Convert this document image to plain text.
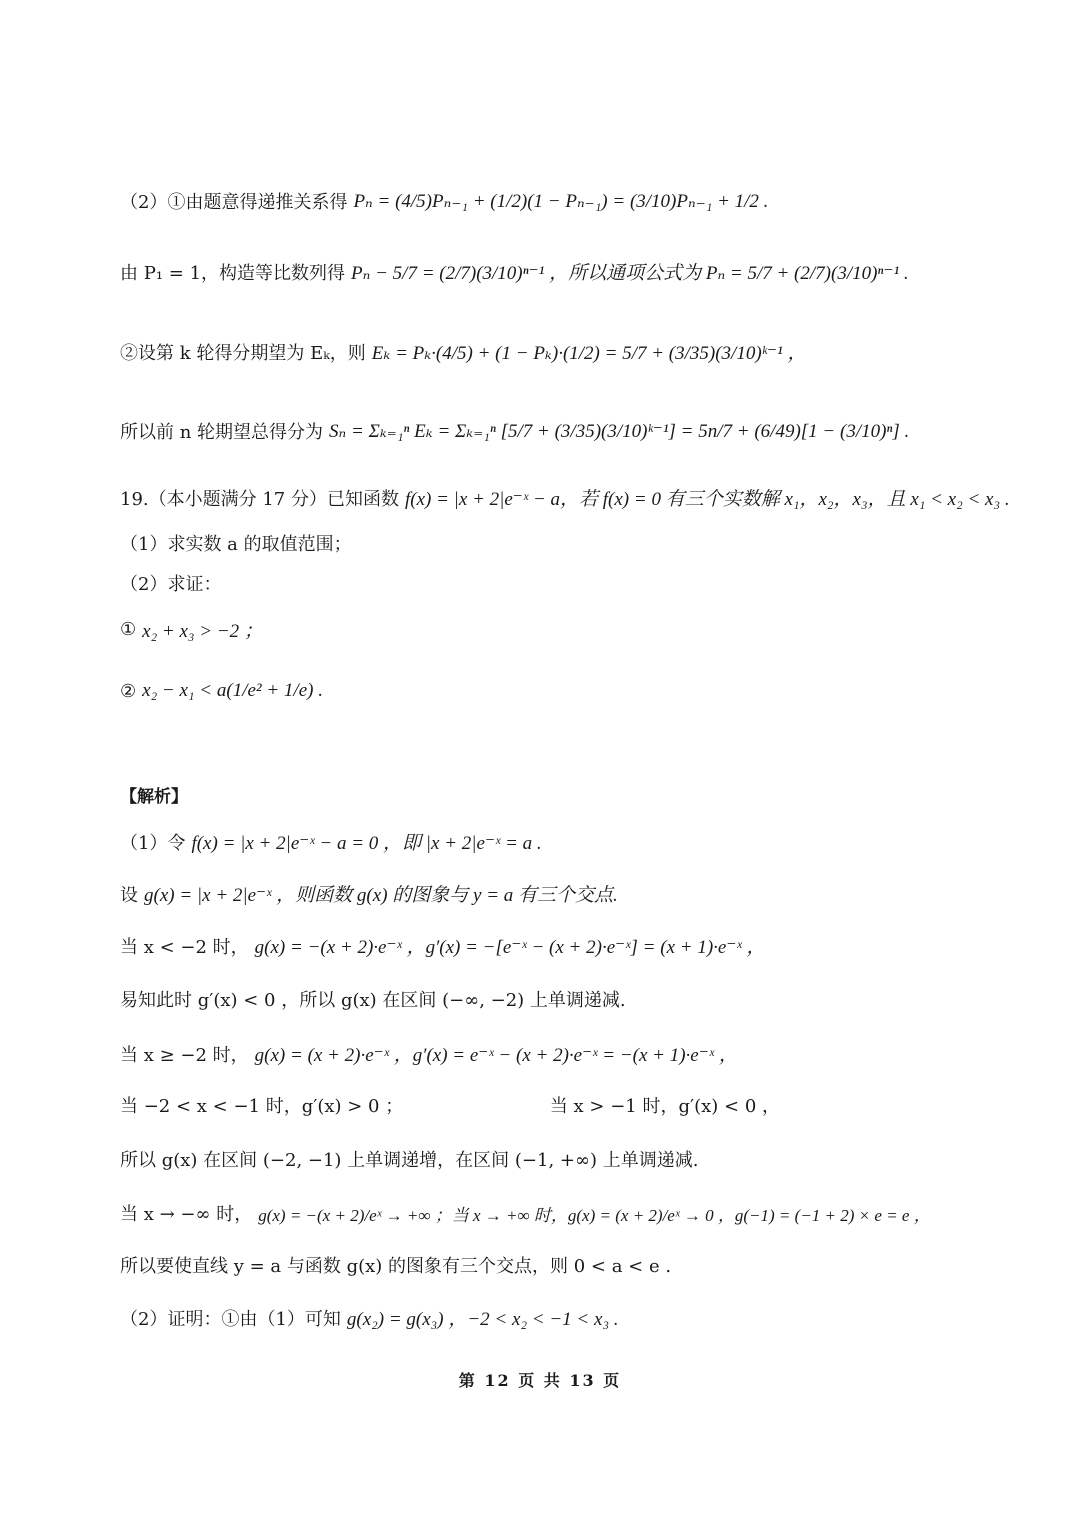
（2）①由题意得递推关系得 Pₙ = (4/5)Pₙ₋₁ + (1/2)(1 − Pₙ₋₁) = (3/10)Pₙ₋₁ + 1/2 .
由 P₁ = 1，构造等比数列得 Pₙ − 5/7 = (2/7)(3/10)ⁿ⁻¹ ，所以通项公式为 Pₙ = 5/7 + (2/7)(3/10)ⁿ⁻¹ .
②设第 k 轮得分期望为 Eₖ，则 Eₖ = Pₖ·(4/5) + (1 − Pₖ)·(1/2) = 5/7 + (3/35)(3/10)ᵏ⁻¹ ，
所以前 n 轮期望总得分为 Sₙ = Σₖ₌₁ⁿ Eₖ = Σₖ₌₁ⁿ [5/7 + (3/35)(3/10)ᵏ⁻¹] = 5n/7 + (6/49)[1 − (3/10)ⁿ] .
19.（本小题满分 17 分）已知函数 f(x) = |x + 2|e⁻ˣ − a，若 f(x) = 0 有三个实数解 x₁，x₂，x₃，且 x₁ < x₂ < x₃ .
（1）求实数 a 的取值范围；
（2）求证：
① x₂ + x₃ > −2 ；
② x₂ − x₁ < a(1/e² + 1/e) .
【解析】
（1）令 f(x) = |x + 2|e⁻ˣ − a = 0 ，即 |x + 2|e⁻ˣ = a .
设 g(x) = |x + 2|e⁻ˣ ，则函数 g(x) 的图象与 y = a 有三个交点.
当 x < −2 时， g(x) = −(x + 2)·e⁻ˣ ，g′(x) = −[e⁻ˣ − (x + 2)·e⁻ˣ] = (x + 1)·e⁻ˣ ，
易知此时 g′(x) < 0 ，所以 g(x) 在区间 (−∞, −2) 上单调递减.
当 x ≥ −2 时， g(x) = (x + 2)·e⁻ˣ ，g′(x) = e⁻ˣ − (x + 2)·e⁻ˣ = −(x + 1)·e⁻ˣ ，
当 −2 < x < −1 时，g′(x) > 0 ；	当 x > −1 时，g′(x) < 0 ，
所以 g(x) 在区间 (−2, −1) 上单调递增，在区间 (−1, +∞) 上单调递减.
当 x → −∞ 时， g(x) = −(x + 2)/eˣ → +∞ ；当 x → +∞ 时，g(x) = (x + 2)/eˣ → 0 ，g(−1) = (−1 + 2) × e = e ，
所以要使直线 y = a 与函数 g(x) 的图象有三个交点，则 0 < a < e .
（2）证明：①由（1）可知 g(x₂) = g(x₃) ，−2 < x₂ < −1 < x₃ .
第 12 页 共 13 页
